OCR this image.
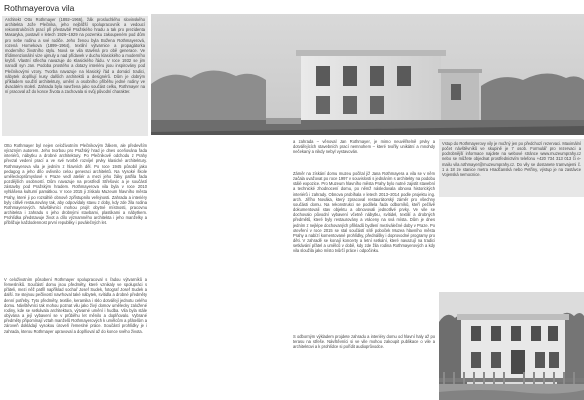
Rothmayerova vila
Architekt Otto Rothmayer (1892–1966), žák prosluchlého slovinského architekta Jože Plečnika, jeho nejbližší spolupracovník a vedoucí rekonstrukčních prací při přestavbě Pražského hradu a tak pro prezidenta Masaryka, postavil v letech 1926–1929 na pozemku zakoupeném pod dům pro sebe rodinu a své rodiče. Jeho ženou byla Božena Rothmayerová, rozená Hornekova (1899–1964), textilní výtvarnice a propagátorka moderního životního stylu. Nová se vila stavěná pro obě generace. Ve třídimenzionální vize ujmuly a nad přídavek v duchu klasického a moderního kryblí. Vlastní střecha navazuje do Klasického řádu. V roce 1932 se jim narodil syn Jan. Podoba prostého a dotazy interiéru jsou inspirovány pod Plečnikovými vzory. Tvorba navazuje na klasický řád a domácí tradici, nábytek doplňují kusy dalších architektů a designérů. Dům je dobrým příkladem soužití architektury, umění a osobního příběhu jedné rodiny ve dvacátém století. Zahrada byla navržena jako součást celku, Rothmayer na ní pracoval až do konce života a zachovala si svůj původní charakter.
Otto Rothmayer byl nejen celoživotním Plečnikovým žákem, ale především výrazným autorem. Jeho tvorbou pro Pražský hrad je dnes oceňována řada interiérů, nábytku a drobné architektury. Po Plečnikově odchodu z Prahy převzal vedení prací a ve své tvorbě rozvíjel prvky klasické architektury. Rothmayerova vila je jedním z hlavních děl. Po roce 1945 působil jako pedagog a jeho dílo ovlivnilo celou generaci architektů. Na Vysoké škole uměleckoprůmyslové v Praze vedl ateliér a mezi jeho žáky patřila řada pozdějších osobností. Dům navazuje na prostředí Střešovic a je součástí zástavby pod Pražským hradem. Rothmayerova vila byla v roce 2010 vyhlášena kulturní památkou. V roce 2015 ji získalo Muzeum hlavního města Prahy, které ji po rozsáhlé obnově zpřístupnilo veřejnosti. Zahrada a interiéry byly citlivě restaurovány tak, aby odpovídaly stavu z doby, kdy zde žila rodina Rothmayerových. Návštěvníci mohou projít obytné místnosti, pracovnu architekta i zahradu s jeho drobnými stavbami, plastikami a nábytkem. Prohlídka představuje život a dílo významného architekta i jeho manželky a přibližuje každodennost první republiky i poválečných let.
V celoživotním působení Rothmayer spolupracoval s řadou výtvarníků a řemeslníků. Součástí domu jsou předměty, které vznikaly ve spolupráci s přáteli, mezi něž patřil například sochař Josef Sudek, fotograf Josef Sudek a další. Se stejnou pečlivostí navrhoval také nábytek, svítidla a drobné předměty denní potřeby. Tyto předměty, textilie, keramika i sklo dotvářejí jednotu celého domu. Návštěvníci tak mohou poznat vilu jako živý domov umělecky založené rodiny, kde se setkávala architektura, výtvarné umění i hudba. Vila byla stále obývána a její vybavení se v průběhu let měnilo a doplňovalo. Vybrané předměty připomínají vztah manželů Rothmayerových k umělcům a přátelům a zároveň dokládají vysokou úroveň řemeslné práce. Součástí prohlídky je i zahrada, kterou Rothmayer upravoval a doplňoval až do konce svého života.
a zahrada – věnoval Jan Rothmayer, je mimo neuvěřitelně prvky a dotvářejících stavebních prací nemnohem – které tvořily unikátní a mnohdy nečekaný a nikdy nebyl vystavován.
Záměr na získání domu muzeu počítal již Jana Rothmayera a vila se v něm začala uvažovat po roce 1997 v souvislosti s jednáním s architekty na podobu stálé expozice. Pro Muzeum hlavního města Prahy bylo nutné zajistit stavební a technické zhodnocení domu, po němž následovala obnova historických interiérů i zahrady. Obnova probíhala v letech 2013–2014 podle projektu ing. arch. Jiřího Nováka, který zpracoval restaurátorský záměr pro všechny součásti domu. Na rekonstrukci se podílela řada odborníků, kteří pečlivě dokumentovali stav objektu a obnovovali jednotlivé prvky. Ve vile se dochovalo původní vybavení včetně nábytku, svítidel, textilií a drobných předmětů, které byly restaurovány a vráceny na svá místa. Dům je dnes jedním z nejlépe dochovaných příkladů bydlení meziválečné doby v Praze. Po otevření v roce 2015 se stal součástí sítě poboček Muzea hlavního města Prahy a nabízí komentované prohlídky, přednášky i doprovodné programy pro děti. V zahradě se konají koncerty a letní setkání, které navazují na tradici setkávání přátel a umělců v době, kdy zde žila rodina Rothmayerových a kdy vila sloužila jako místo tvůrčí práce i odpočinku.
S odborným výkladem projdete zahradu a interiéry domu od hlavní haly až po terasu na střeše. Návštěvníci si ve vile mohou zakoupit publikace o vile a architektovi a k prohlídce si pořídit audioprůvodce.
Vstup do Rothmayerovy vily je možný jen po předchozí rezervaci. Maximální počet návštěvníků ve skupině je 7 osob. Formulář pro rezervaci a podrobnější informace najdete na webové stránce www.muzeumprahy.cz nebo se můžete objednat prostřednictvím telefonu +420 734 313 013 či e-mailu vila.rothmayer@muzeumprahy.cz. Do vily se dostanete tramvajemi č. 1 a 18 ze stanice metra Hradčanská nebo Petřiny, výstup je na zastávce Vojenská nemocnice.
